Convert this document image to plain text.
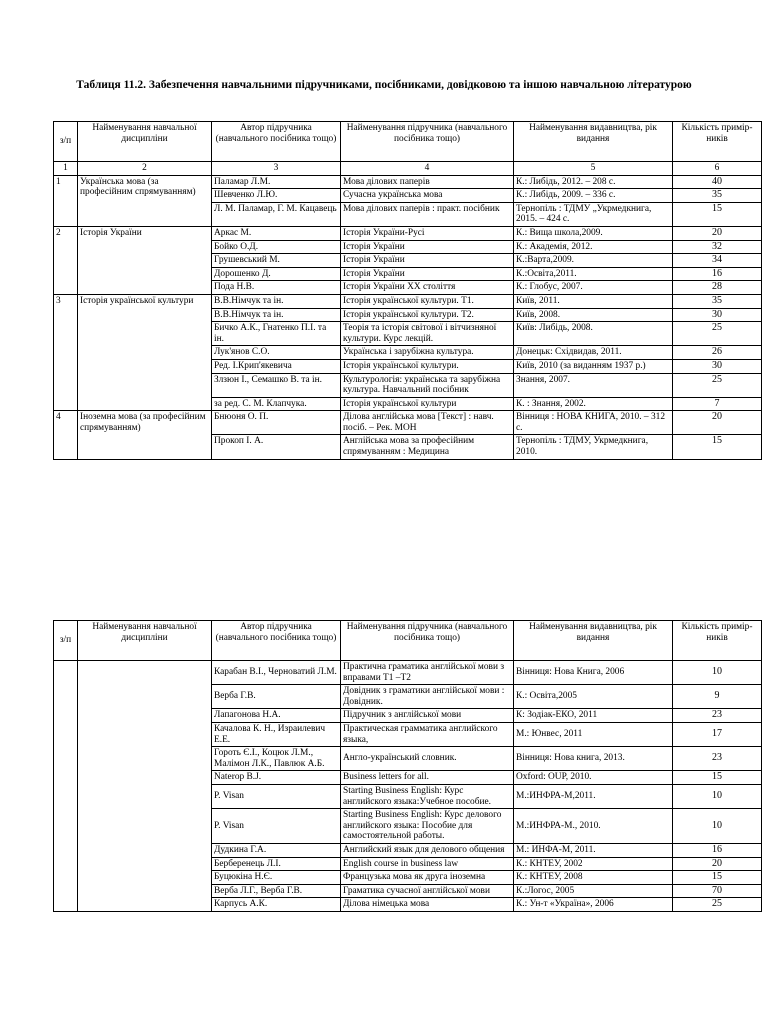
Таблиця 11.2. Забезпечення навчальними підручниками, посібниками, довідковою та іншою навчальною літературою
з/п	Найменування навчальної дисципліни	Автор підручника (навчального посібника тощо)	Найменування підручника (навчального посібника тощо)	Найменування видавництва, рік видання	Кількість примір-ників
1	2	3	4	5	6
1	Українська мова (за професійним спрямуванням)	Паламар Л.М.	Мова ділових паперів	К.: Либідь, 2012. – 208 с.	40
		Шевченко Л.Ю.	Сучасна українська мова	К.: Либідь, 2009. – 336 с.	35
		Л. М. Паламар, Г. М. Кацавець	Мова ділових паперів : практ. посібник	Тернопіль : ТДМУ „Укрмедкнига, 2015. – 424 с.	15
2	Історія України	Аркас М.	Історія України-Русі	К.: Вища школа,2009.	20
		Бойко О.Д.	Історія України	К.: Академія, 2012.	32
		Грушевський М.	Історія України	К.:Варта,2009.	34
		Дорошенко Д.	Історія України	К.:Освіта,2011.	16
		Пода Н.В.	Історія України XX століття	К.: Глобус, 2007.	28
3	Історія української культури	В.В.Німчук та ін.	Історія української культури. Т1.	Київ, 2011.	35
		В.В.Німчук та ін.	Історія української культури. Т2.	Київ, 2008.	30
		Бичко А.К., Гнатенко П.І. та ін.	Теорія та історія світової і вітчизняної культури. Курс лекцій.	Київ: Либідь, 2008.	25
		Лук'янов С.О.	Українська і зарубіжна культура.	Донецьк: Східвидав, 2011.	26
		Ред. І.Крип'якевича	Історія української культури.	Київ, 2010 (за виданням 1937 р.)	30
		Злзюн І., Семашко В. та ін.	Культурологія: українська та зарубіжна культура. Навчальний посібник	Знання, 2007.	25
		за ред. С. М. Клапчука.	Історія української культури	К. : Знання, 2002.	7
4	Іноземна мова (за професійним спрямуванням)	Бнюоня О. П.	Ділова англійська мова [Текст] : навч. посіб. – Рек. МОН	Вінниця : НОВА КНИГА, 2010. – 312 с.	20
		Прокоп І. А.	Англійська мова за професійним спрямуванням : Медицина	Тернопіль : ТДМУ, Укрмедкнига, 2010.	15
з/п	Найменування навчальної дисципліни	Автор підручника (навчального посібника тощо)	Найменування підручника (навчального посібника тощо)	Найменування видавництва, рік видання	Кількість примір-ників
		Карабан В.І., Черноватий Л.М.	Практична граматика англійської мови з вправами Т1 –Т2	Вінниця: Нова Книга, 2006	10
		Верба Г.В.	Довідник з граматики англійської мови : Довідник.	К.: Освіта,2005	9
		Лапагонова Н.А.	Підручник з англійської мови	К: Зодіак-ЕКО, 2011	23
		Качалова К. Н., Израилевич Е.Е.	Практическая грамматика английского языка,	М.: Юнвес, 2011	17
		Гороть Є.І., Коцюк Л.М., Малімон Л.К., Павлюк А.Б.	Англо-український словник.	Вінниця: Нова книга, 2013.	23
		Naterop B.J.	Business letters for all.	Oxford: OUP, 2010.	15
		P. Visan	Starting Business English: Курс английского языка:Учебное пособие.	М.:ИНФРА-М,2011.	10
		P. Visan	Starting Business English: Курс делового английского языка: Пособие для самостоятельной работы.	М.:ИНФРА-М., 2010.	10
		Дудкина Г.А.	Английский язык для делового общения	М.: ИНФА-М, 2011.	16
		Берберенець Л.І.	English course in business law	К.: КНТЕУ, 2002	20
		Буцюкіна Н.Є.	Французька мова як друга іноземна	К.: КНТЕУ, 2008	15
		Верба Л.Г., Верба Г.В.	Граматика сучасної англійської мови	К.:Логос, 2005	70
		Карпусь А.К.	Ділова німецька мова	К.: Ун-т «Україна», 2006	25
